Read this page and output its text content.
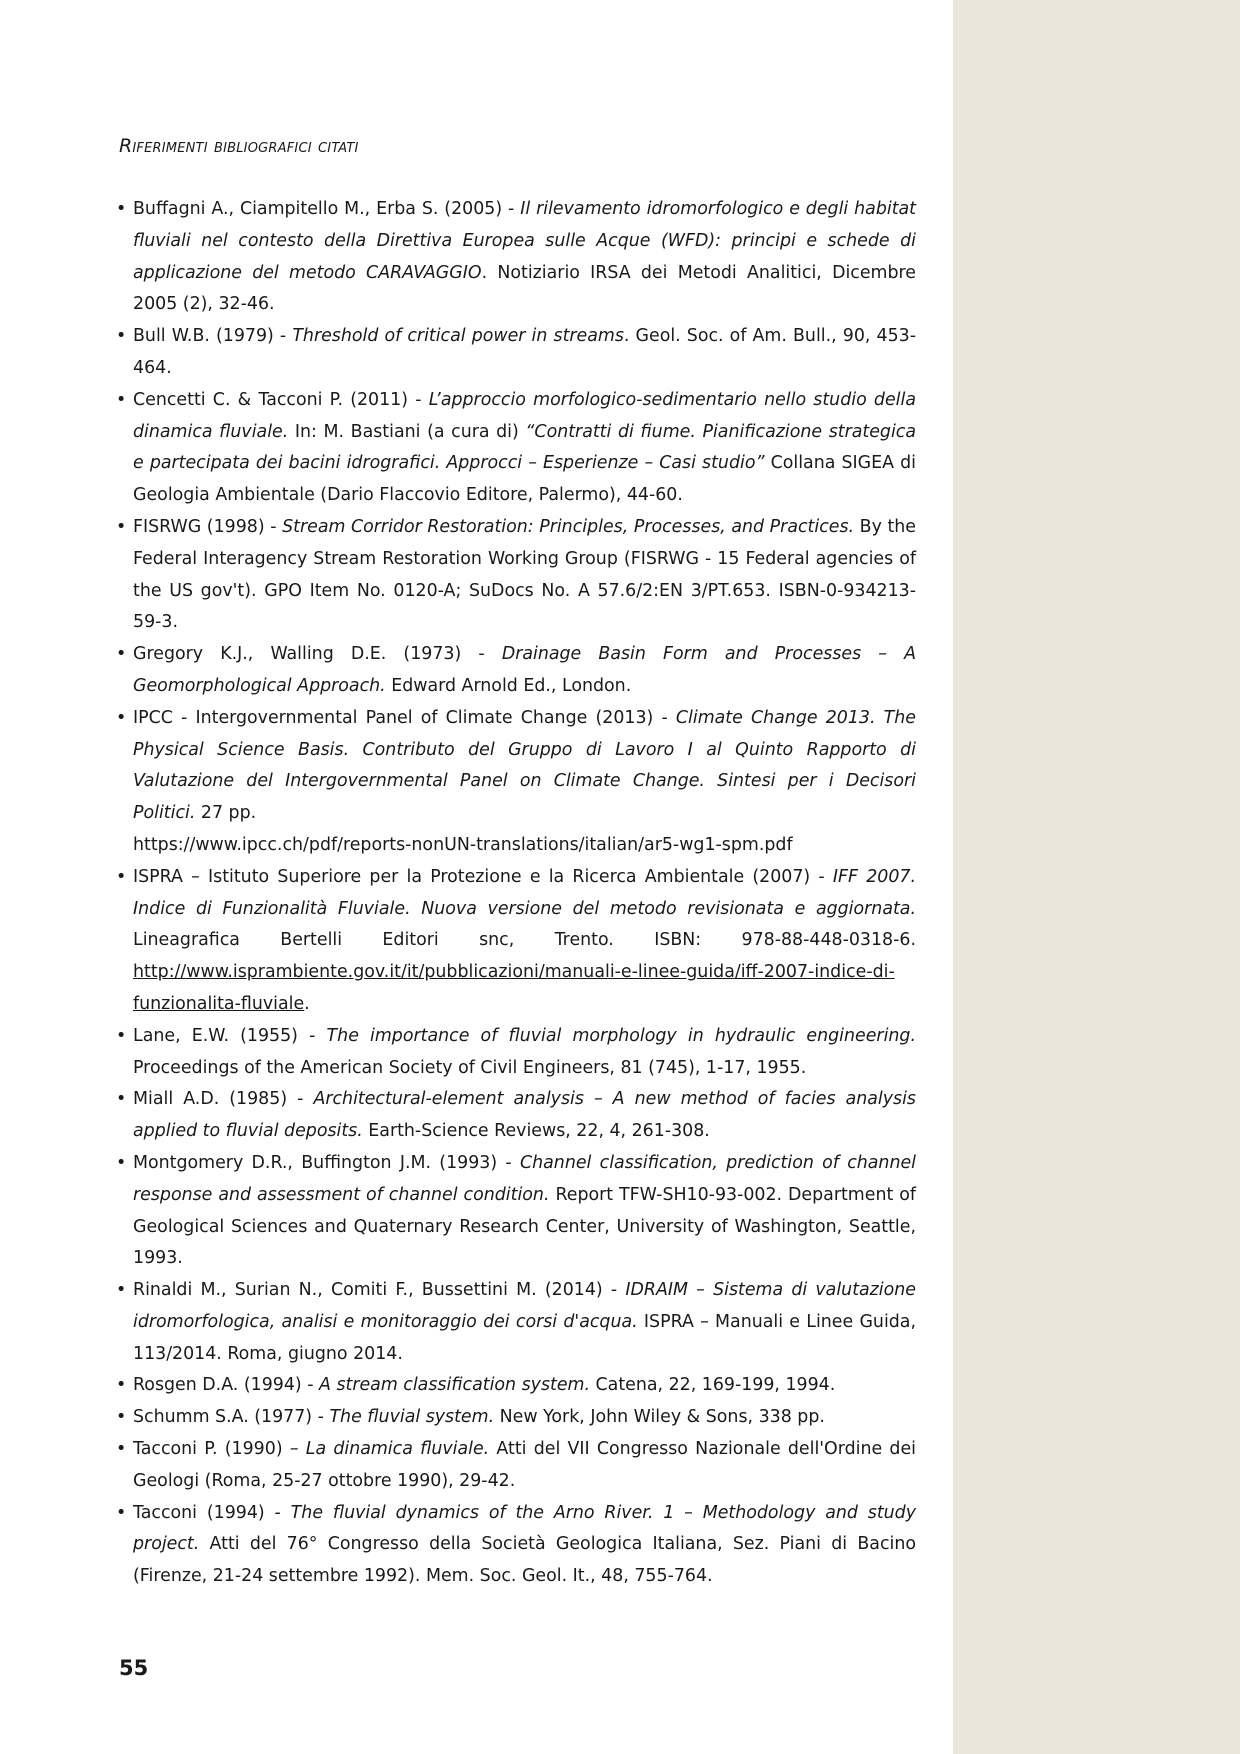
Riferimenti bibliografici citati
• Buffagni A., Ciampitello M., Erba S. (2005) - Il rilevamento idromorfologico e degli habitat fluviali nel contesto della Direttiva Europea sulle Acque (WFD): principi e schede di applicazione del metodo CARAVAGGIO. Notiziario IRSA dei Metodi Analitici, Dicembre 2005 (2), 32-46.
• Bull W.B. (1979) - Threshold of critical power in streams. Geol. Soc. of Am. Bull., 90, 453-464.
• Cencetti C. & Tacconi P. (2011) - L’approccio morfologico-sedimentario nello studio della dinamica fluviale. In: M. Bastiani (a cura di) “Contratti di fiume. Pianificazione strategica e partecipata dei bacini idrografici. Approcci – Esperienze – Casi studio” Collana SIGEA di Geologia Ambientale (Dario Flaccovio Editore, Palermo), 44-60.
• FISRWG (1998) - Stream Corridor Restoration: Principles, Processes, and Practices. By the Federal Interagency Stream Restoration Working Group (FISRWG - 15 Federal agencies of the US gov't). GPO Item No. 0120-A; SuDocs No. A 57.6/2:EN 3/PT.653. ISBN-0-934213-59-3.
• Gregory K.J., Walling D.E. (1973) - Drainage Basin Form and Processes – A Geomorphological Approach. Edward Arnold Ed., London.
• IPCC - Intergovernmental Panel of Climate Change (2013) - Climate Change 2013. The Physical Science Basis. Contributo del Gruppo di Lavoro I al Quinto Rapporto di Valutazione del Intergovernmental Panel on Climate Change. Sintesi per i Decisori Politici. 27 pp.
https://www.ipcc.ch/pdf/reports-nonUN-translations/italian/ar5-wg1-spm.pdf
• ISPRA – Istituto Superiore per la Protezione e la Ricerca Ambientale (2007) - IFF 2007. Indice di Funzionalità Fluviale. Nuova versione del metodo revisionata e aggiornata. Lineagrafica Bertelli Editori snc, Trento. ISBN: 978-88-448-0318-6. http://www.isprambiente.gov.it/it/pubblicazioni/manuali-e-linee-guida/iff-2007-indice-di-funzionalita-fluviale.
• Lane, E.W. (1955) - The importance of fluvial morphology in hydraulic engineering. Proceedings of the American Society of Civil Engineers, 81 (745), 1-17, 1955.
• Miall A.D. (1985) - Architectural-element analysis – A new method of facies analysis applied to fluvial deposits. Earth-Science Reviews, 22, 4, 261-308.
• Montgomery D.R., Buffington J.M. (1993) - Channel classification, prediction of channel response and assessment of channel condition. Report TFW-SH10-93-002. Department of Geological Sciences and Quaternary Research Center, University of Washington, Seattle, 1993.
• Rinaldi M., Surian N., Comiti F., Bussettini M. (2014) - IDRAIM – Sistema di valutazione idromorfologica, analisi e monitoraggio dei corsi d'acqua. ISPRA – Manuali e Linee Guida, 113/2014. Roma, giugno 2014.
• Rosgen D.A. (1994) - A stream classification system. Catena, 22, 169-199, 1994.
• Schumm S.A. (1977) - The fluvial system. New York, John Wiley & Sons, 338 pp.
• Tacconi P. (1990) – La dinamica fluviale. Atti del VII Congresso Nazionale dell'Ordine dei Geologi (Roma, 25-27 ottobre 1990), 29-42.
• Tacconi (1994) - The fluvial dynamics of the Arno River. 1 – Methodology and study project. Atti del 76° Congresso della Società Geologica Italiana, Sez. Piani di Bacino (Firenze, 21-24 settembre 1992). Mem. Soc. Geol. It., 48, 755-764.
55
